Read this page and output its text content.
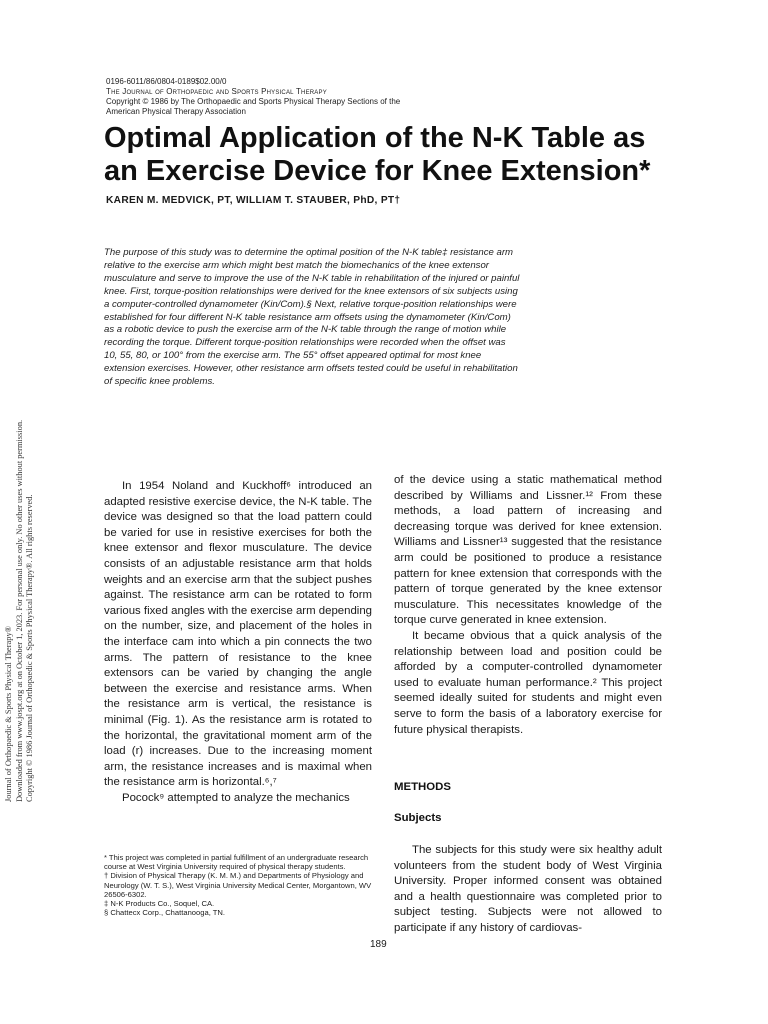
Journal of Orthopaedic & Sports Physical Therapy® Downloaded from www.jospt.org at on October 1, 2023. For personal use only. No other uses without permission. Copyright © 1986 Journal of Orthopaedic & Sports Physical Therapy®. All rights reserved.
0196-6011/86/0804-0189$02.00/0
The Journal of Orthopaedic and Sports Physical Therapy
Copyright © 1986 by The Orthopaedic and Sports Physical Therapy Sections of the
American Physical Therapy Association
Optimal Application of the N-K Table as an Exercise Device for Knee Extension*
KAREN M. MEDVICK, PT, WILLIAM T. STAUBER, PhD, PT†

The purpose of this study was to determine the optimal position of the N-K table‡ resistance arm relative to the exercise arm which might best match the biomechanics of the knee extensor musculature and serve to improve the use of the N-K table in rehabilitation of the injured or painful knee. First, torque-position relationships were derived for the knee extensors of six subjects using a computer-controlled dynamometer (Kin/Com).§ Next, relative torque-position relationships were established for four different N-K table resistance arm offsets using the dynamometer (Kin/Com) as a robotic device to push the exercise arm of the N-K table through the range of motion while recording the torque. Different torque-position relationships were recorded when the offset was 10, 55, 80, or 100° from the exercise arm. The 55° offset appeared optimal for most knee extension exercises. However, other resistance arm offsets tested could be useful in rehabilitation of specific knee problems.

In 1954 Noland and Kuckhoff⁶ introduced an adapted resistive exercise device, the N-K table. The device was designed so that the load pattern could be varied for use in resistive exercises for both the knee extensor and flexor musculature. The device consists of an adjustable resistance arm that holds weights and an exercise arm that the subject pushes against. The resistance arm can be rotated to form various fixed angles with the exercise arm depending on the number, size, and placement of the holes in the interface cam into which a pin connects the two arms. The pattern of resistance to the knee extensors can be varied by changing the angle between the exercise and resistance arms. When the resistance arm is vertical, the resistance is minimal (Fig. 1). As the resistance arm is rotated to the horizontal, the gravitational moment arm of the load (r) increases. Due to the increasing moment arm, the resistance increases and is maximal when the resistance arm is horizontal.⁶,⁷

Pocock⁹ attempted to analyze the mechanics

of the device using a static mathematical method described by Williams and Lissner.¹² From these methods, a load pattern of increasing and decreasing torque was derived for knee extension. Williams and Lissner¹³ suggested that the resistance arm could be positioned to produce a resistance pattern for knee extension that corresponds with the pattern of torque generated by the knee extensor musculature. This necessitates knowledge of the torque curve generated in knee extension.

It became obvious that a quick analysis of the relationship between load and position could be afforded by a computer-controlled dynamometer used to evaluate human performance.² This project seemed ideally suited for students and might even serve to form the basis of a laboratory exercise for future physical therapists.

METHODS
Subjects

The subjects for this study were six healthy adult volunteers from the student body of West Virginia University. Proper informed consent was obtained and a health questionnaire was completed prior to subject testing. Subjects were not allowed to participate if any history of cardiovas-

* This project was completed in partial fulfillment of an undergraduate research course at West Virginia University required of physical therapy students.
† Division of Physical Therapy (K. M. M.) and Departments of Physiology and Neurology (W. T. S.), West Virginia University Medical Center, Morgantown, WV 26506-6302.
‡ N-K Products Co., Soquel, CA.
§ Chattecx Corp., Chattanooga, TN.
189
